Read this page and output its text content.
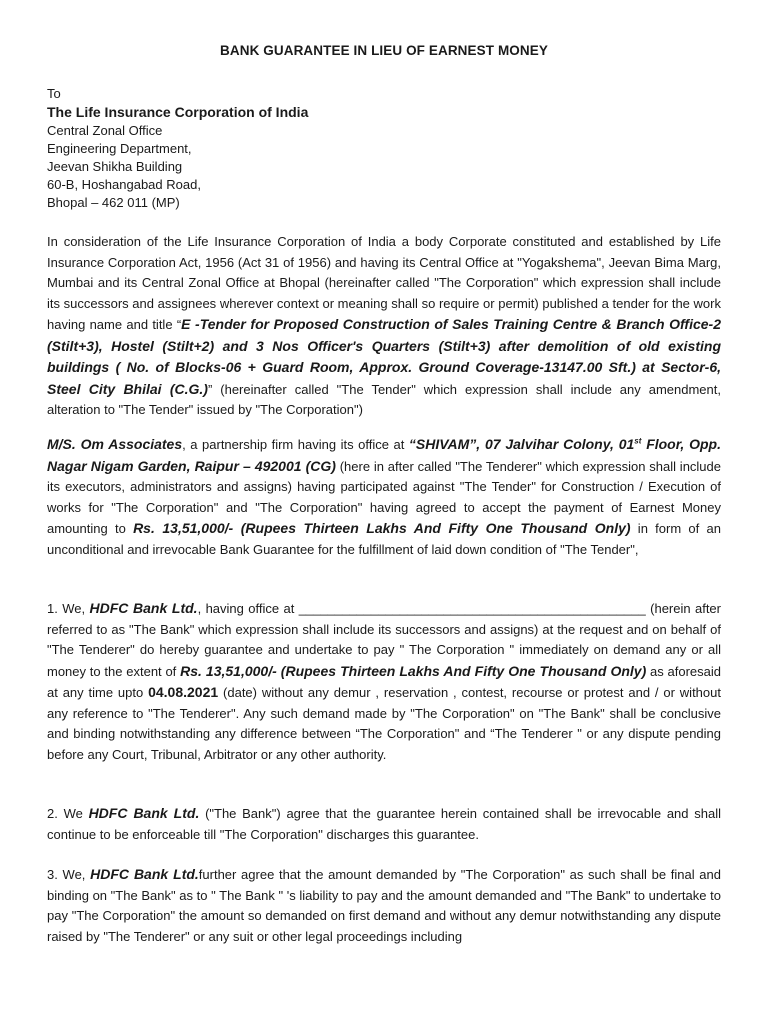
BANK GUARANTEE IN LIEU OF EARNEST MONEY
To
The Life Insurance Corporation of India
Central Zonal Office
Engineering Department,
Jeevan Shikha Building
60-B, Hoshangabad Road,
Bhopal – 462 011 (MP)
In consideration of the Life Insurance Corporation of India a body Corporate constituted and established by Life Insurance Corporation Act, 1956 (Act 31 of 1956) and having its Central Office at "Yogakshema", Jeevan Bima Marg, Mumbai and its Central Zonal Office at Bhopal (hereinafter called "The Corporation" which expression shall include its successors and assignees wherever context or meaning shall so require or permit) published a tender for the work having name and title “E -Tender for Proposed Construction of Sales Training Centre & Branch Office-2 (Stilt+3), Hostel (Stilt+2) and 3 Nos Officer's Quarters (Stilt+3) after demolition of old existing buildings ( No. of Blocks-06 + Guard Room, Approx. Ground Coverage-13147.00 Sft.) at Sector-6, Steel City Bhilai (C.G.)” (hereinafter called "The Tender" which expression shall include any amendment, alteration to "The Tender" issued by "The Corporation")
M/S. Om Associates, a partnership firm having its office at “SHIVAM”, 07 Jalvihar Colony, 01st Floor, Opp. Nagar Nigam Garden, Raipur – 492001 (CG) (here in after called "The Tenderer" which expression shall include its executors, administrators and assigns) having participated against "The Tender" for Construction / Execution of works for "The Corporation" and "The Corporation" having agreed to accept the payment of Earnest Money amounting to Rs. 13,51,000/- (Rupees Thirteen Lakhs And Fifty One Thousand Only) in form of an unconditional and irrevocable Bank Guarantee for the fulfillment of laid down condition of "The Tender",
1. We, HDFC Bank Ltd., having office at ________________________________________________ (herein after referred to as "The Bank" which expression shall include its successors and assigns) at the request and on behalf of "The Tenderer" do hereby guarantee and undertake to pay " The Corporation " immediately on demand any or all money to the extent of Rs. 13,51,000/- (Rupees Thirteen Lakhs And Fifty One Thousand Only) as aforesaid at any time upto 04.08.2021 (date) without any demur , reservation , contest, recourse or protest and / or without any reference to "The Tenderer". Any such demand made by "The Corporation" on "The Bank" shall be conclusive and binding notwithstanding any difference between “The Corporation" and “The Tenderer " or any dispute pending before any Court, Tribunal, Arbitrator or any other authority.
2. We HDFC Bank Ltd. ("The Bank") agree that the guarantee herein contained shall be irrevocable and shall continue to be enforceable till "The Corporation" discharges this guarantee.
3. We, HDFC Bank Ltd.further agree that the amount demanded by "The Corporation" as such shall be final and binding on "The Bank" as to " The Bank " 's liability to pay and the amount demanded and "The Bank" to undertake to pay "The Corporation" the amount so demanded on first demand and without any demur notwithstanding any dispute raised by "The Tenderer" or any suit or other legal proceedings including
